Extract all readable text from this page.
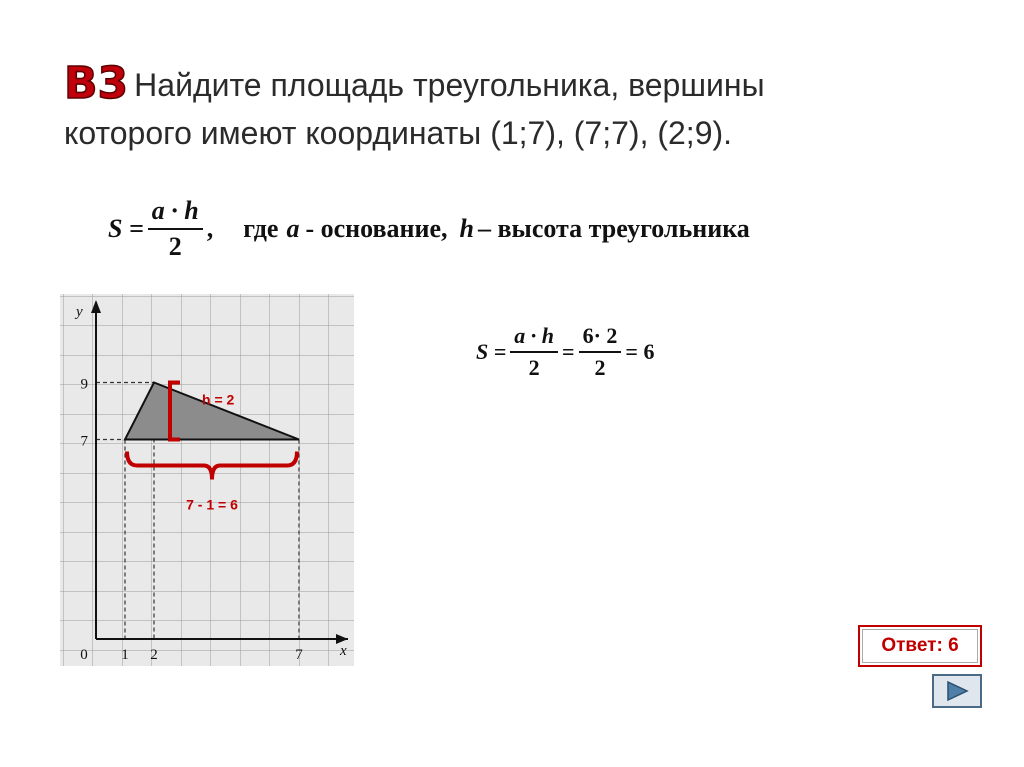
B3 Найдите площадь треугольника, вершины
которого имеют координаты (1;7), (7;7), (2;9).
$S = \frac{a \cdot h}{2}$ , где a - основание, h – высота треугольника
$S = \frac{a \cdot h}{2} = \frac{6\cdot 2}{2} = 6$
h = 2
7 - 1 = 6
1 2	7
7
9
0	x
y
Ответ: 6
